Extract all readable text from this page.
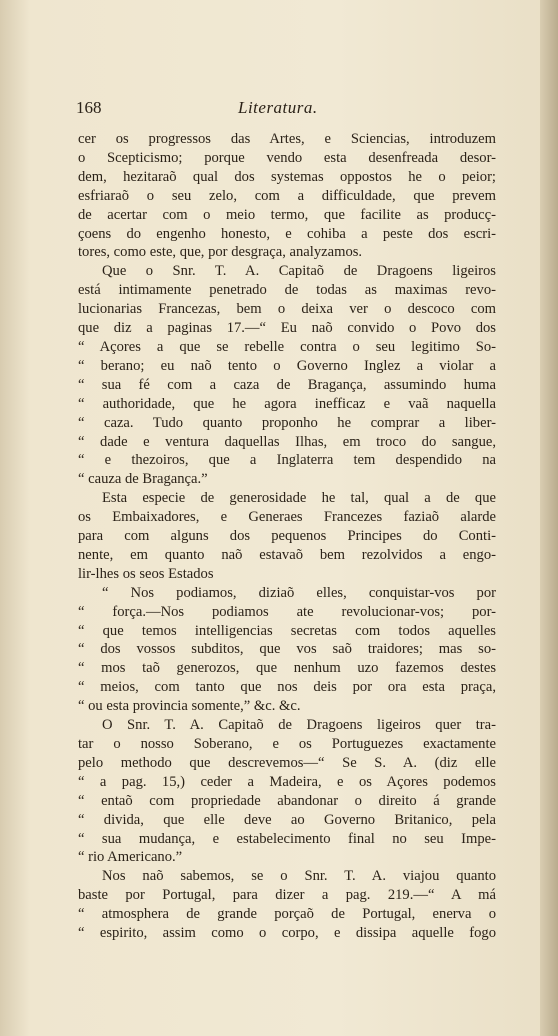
168	Literatura.

cer os progressos das Artes, e Sciencias, introduzem

o Scepticismo; porque vendo esta desenfreada desor-

dem, hezitaraõ qual dos systemas oppostos he o peior;

esfriaraõ o seu zelo, com a difficuldade, que prevem

de acertar com o meio termo, que facilite as producç-

çoens do engenho honesto, e cohiba a peste dos escri-

tores, como este, que, por desgraça, analyzamos.

Que o Snr. T. A. Capitaõ de Dragoens ligeiros

está intimamente penetrado de todas as maximas revo-

lucionarias Francezas, bem o deixa ver o descoco com

que diz a paginas 17.—“ Eu naõ convido o Povo dos

“ Açores a que se rebelle contra o seu legitimo So-

“ berano; eu naõ tento o Governo Inglez a violar a

“ sua fé com a caza de Bragança, assumindo huma

“ authoridade, que he agora inefficaz e vaã naquella

“ caza. Tudo quanto proponho he comprar a liber-

“ dade e ventura daquellas Ilhas, em troco do sangue,

“ e thezoiros, que a Inglaterra tem despendido na

“ cauza de Bragança.”

Esta especie de generosidade he tal, qual a de que

os Embaixadores, e Generaes Francezes faziaõ alarde

para com alguns dos pequenos Principes do Conti-

nente, em quanto naõ estavaõ bem rezolvidos a engo-

lir-lhes os seos Estados

“ Nos podiamos, diziaõ elles, conquistar-vos por

“ força.—Nos podiamos ate revolucionar-vos; por-

“ que temos intelligencias secretas com todos aquelles

“ dos vossos subditos, que vos saõ traidores; mas so-

“ mos taõ generozos, que nenhum uzo fazemos destes

“ meios, com tanto que nos deis por ora esta praça,

“ ou esta provincia somente,” &c. &c.

O Snr. T. A. Capitaõ de Dragoens ligeiros quer tra-

tar o nosso Soberano, e os Portuguezes exactamente

pelo methodo que descrevemos—“ Se S. A. (diz elle

“ a pag. 15,) ceder a Madeira, e os Açores podemos

“ entaõ com propriedade abandonar o direito á grande

“ divida, que elle deve ao Governo Britanico, pela

“ sua mudança, e estabelecimento final no seu Impe-

“ rio Americano.”

Nos naõ sabemos, se o Snr. T. A. viajou quanto

baste por Portugal, para dizer a pag. 219.—“ A má

“ atmosphera de grande porçaõ de Portugal, enerva o

“ espirito, assim como o corpo, e dissipa aquelle fogo
